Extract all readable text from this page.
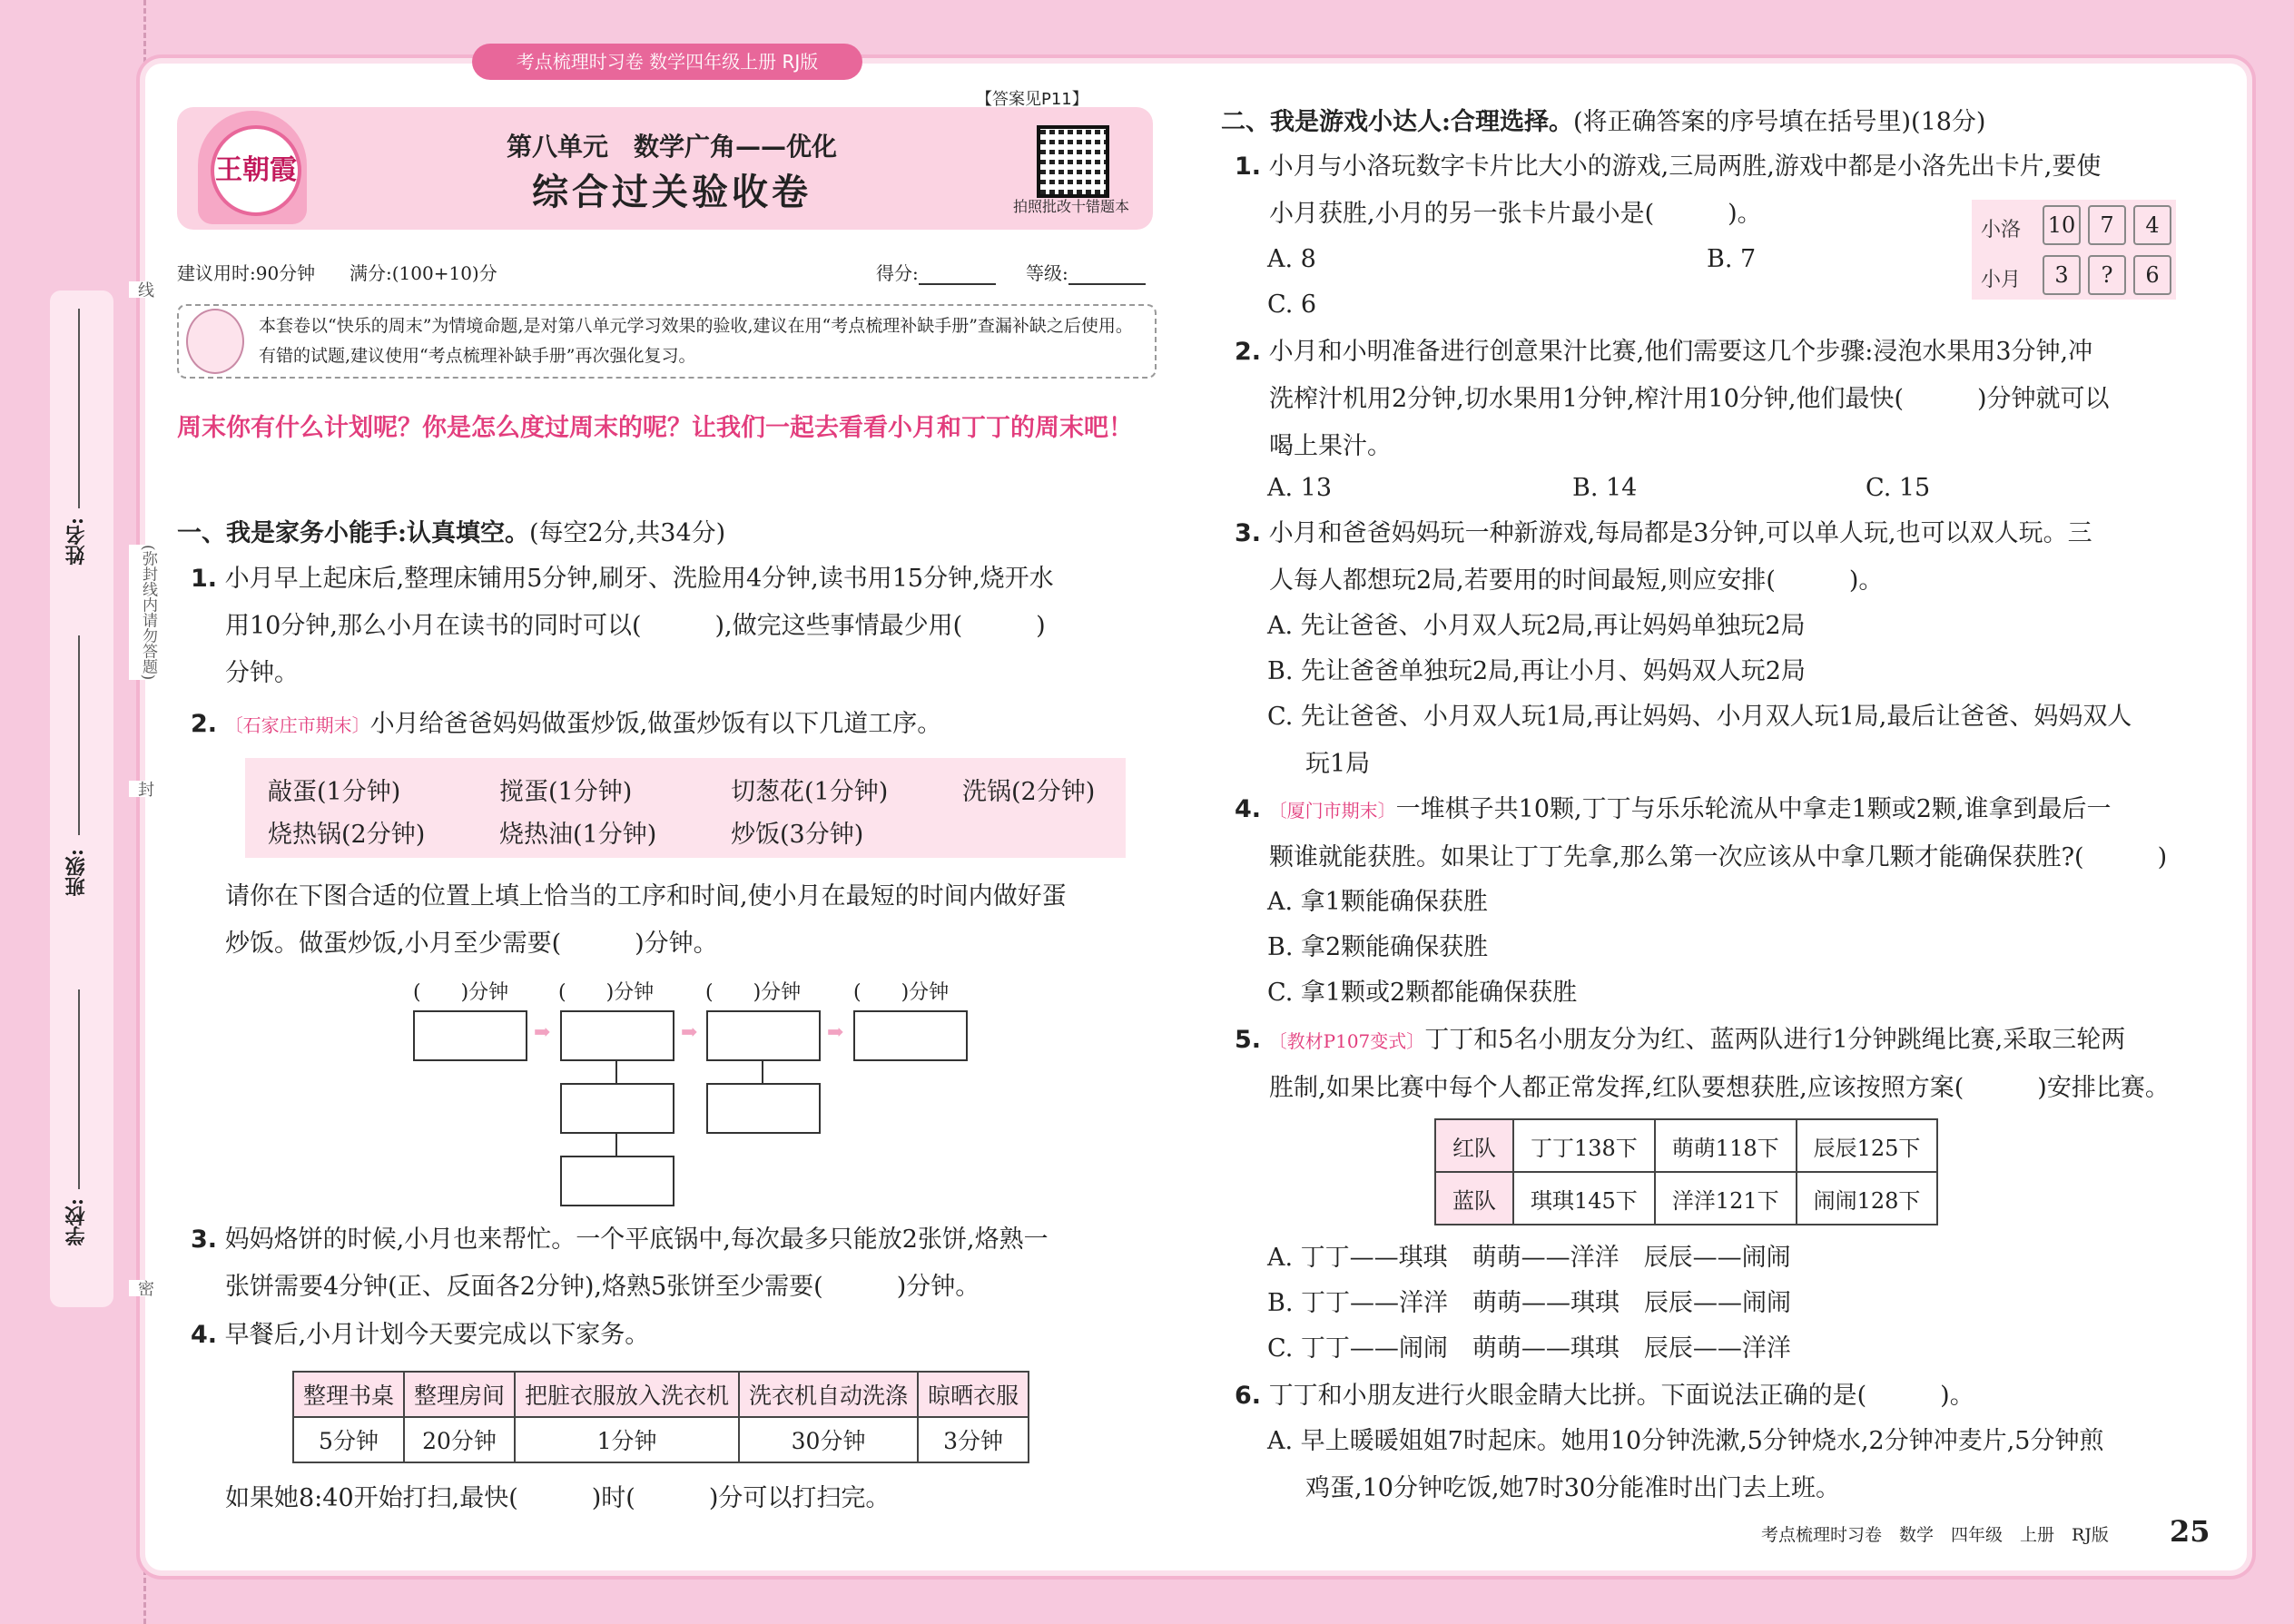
姓名:
班级:
学校:
线
(弥封线内请勿答题)
封
密
考点梳理时习卷 数学四年级上册 RJ版
王朝霞
第八单元　数学广角——优化
综合过关验收卷
【答案见P11】
拍照批改十错题本
建议用时:90分钟 满分:(100+10)分	得分:	等级:
本套卷以“快乐的周末”为情境命题,是对第八单元学习效果的验收,建议在用“考点梳理补缺手册”查漏补缺之后使用。有错的试题,建议使用“考点梳理补缺手册”再次强化复习。
周末你有什么计划呢？你是怎么度过周末的呢？让我们一起去看看小月和丁丁的周末吧！
一、我是家务小能手:认真填空。(每空2分,共34分)
1. 小月早上起床后,整理床铺用5分钟,刷牙、洗脸用4分钟,读书用15分钟,烧开水
用10分钟,那么小月在读书的同时可以(　　　),做完这些事情最少用(　　　)
分钟。
2. 〔石家庄市期末〕小月给爸爸妈妈做蛋炒饭,做蛋炒饭有以下几道工序。
敲蛋(1分钟)	搅蛋(1分钟)	切葱花(1分钟)	洗锅(2分钟)
烧热锅(2分钟)	烧热油(1分钟)	炒饭(3分钟)
请你在下图合适的位置上填上恰当的工序和时间,使小月在最短的时间内做好蛋
炒饭。做蛋炒饭,小月至少需要(　　　)分钟。
(　　)分钟 (　　)分钟	(　　)分钟	(　　)分钟
➡	➡	➡
3. 妈妈烙饼的时候,小月也来帮忙。一个平底锅中,每次最多只能放2张饼,烙熟一
张饼需要4分钟(正、反面各2分钟),烙熟5张饼至少需要(　　　)分钟。
4. 早餐后,小月计划今天要完成以下家务。
整理书桌	整理房间	把脏衣服放入洗衣机	洗衣机自动洗涤	晾晒衣服
5分钟	20分钟	1分钟	30分钟	3分钟
如果她8:40开始打扫,最快(　　　)时(　　　)分可以打扫完。
二、我是游戏小达人:合理选择。(将正确答案的序号填在括号里)(18分)
1. 小月与小洛玩数字卡片比大小的游戏,三局两胜,游戏中都是小洛先出卡片,要使
小月获胜,小月的另一张卡片最小是(　　　)。
小洛 10	7	4
小月	3	?	6
A. 8	B. 7
C. 6
2. 小月和小明准备进行创意果汁比赛,他们需要这几个步骤:浸泡水果用3分钟,冲
洗榨汁机用2分钟,切水果用1分钟,榨汁用10分钟,他们最快(　　　)分钟就可以
喝上果汁。
A. 13	B. 14	C. 15
3. 小月和爸爸妈妈玩一种新游戏,每局都是3分钟,可以单人玩,也可以双人玩。三
人每人都想玩2局,若要用的时间最短,则应安排(　　　)。
A. 先让爸爸、小月双人玩2局,再让妈妈单独玩2局
B. 先让爸爸单独玩2局,再让小月、妈妈双人玩2局
C. 先让爸爸、小月双人玩1局,再让妈妈、小月双人玩1局,最后让爸爸、妈妈双人
玩1局
4. 〔厦门市期末〕一堆棋子共10颗,丁丁与乐乐轮流从中拿走1颗或2颗,谁拿到最后一
颗谁就能获胜。如果让丁丁先拿,那么第一次应该从中拿几颗才能确保获胜?(　　　)
A. 拿1颗能确保获胜
B. 拿2颗能确保获胜
C. 拿1颗或2颗都能确保获胜
5. 〔教材P107变式〕丁丁和5名小朋友分为红、蓝两队进行1分钟跳绳比赛,采取三轮两
胜制,如果比赛中每个人都正常发挥,红队要想获胜,应该按照方案(　　　)安排比赛。
红队	丁丁138下	萌萌118下	辰辰125下
蓝队	琪琪145下	洋洋121下	闹闹128下
A. 丁丁——琪琪　萌萌——洋洋　辰辰——闹闹
B. 丁丁——洋洋　萌萌——琪琪　辰辰——闹闹
C. 丁丁——闹闹　萌萌——琪琪　辰辰——洋洋
6. 丁丁和小朋友进行火眼金睛大比拼。下面说法正确的是(　　　)。
A. 早上暖暖姐姐7时起床。她用10分钟洗漱,5分钟烧水,2分钟冲麦片,5分钟煎
鸡蛋,10分钟吃饭,她7时30分能准时出门去上班。
考点梳理时习卷　数学　四年级　上册　RJ版 25
